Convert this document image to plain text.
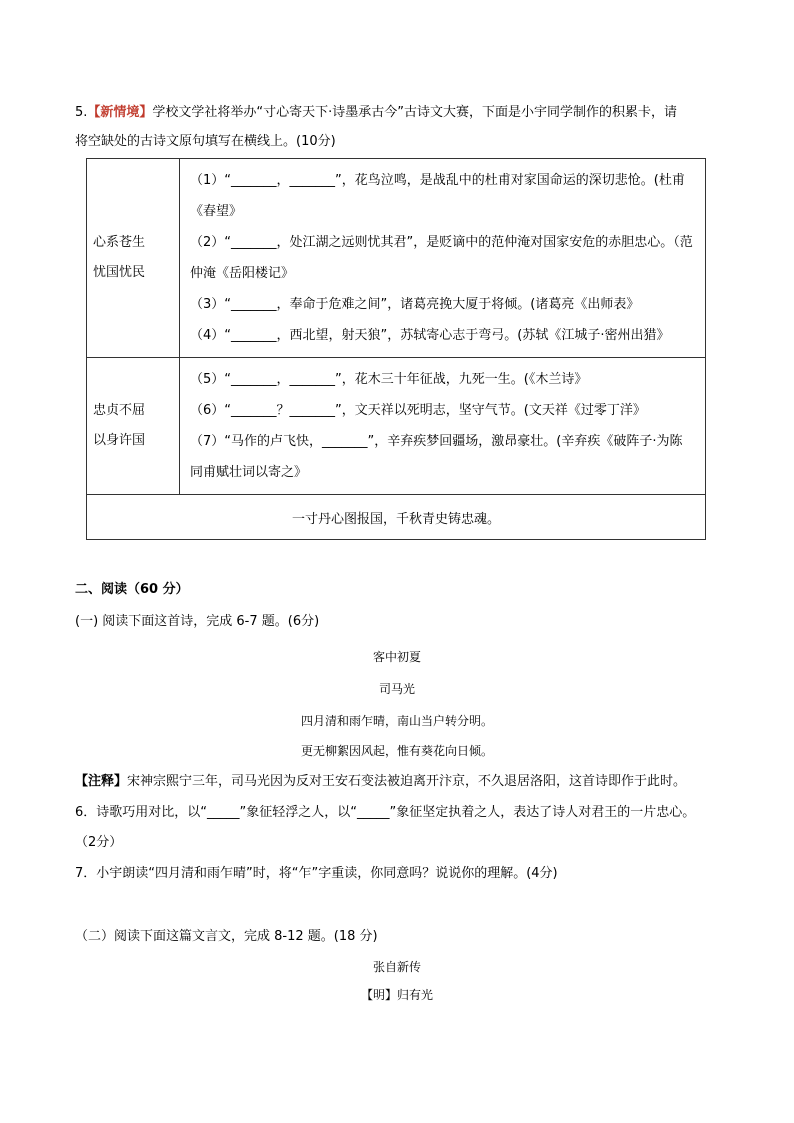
5.【新情境】学校文学社将举办“寸心寄天下·诗墨承古今”古诗文大赛，下面是小宇同学制作的积累卡，请
将空缺处的古诗文原句填写在横线上。(10分)
心系苍生
忧国忧民	（1）“_______，_______”，花鸟泣鸣，是战乱中的杜甫对家国命运的深切悲怆。(杜甫《春望》
（2）“_______，处江湖之远则忧其君”，是贬谪中的范仲淹对国家安危的赤胆忠心。（范仲淹《岳阳楼记》
（3）“_______，奉命于危难之间”，诸葛亮挽大厦于将倾。(诸葛亮《出师表》
（4）“_______，西北望，射天狼”，苏轼寄心志于弯弓。(苏轼《江城子·密州出猎》

忠贞不屈
以身许国	（5）“_______，_______”，花木三十年征战，九死一生。(《木兰诗》
（6）“_______？_______”，文天祥以死明志，坚守气节。(文天祥《过零丁洋》
（7）“马作的卢飞快，_______”，辛弃疾梦回疆场，激昂豪壮。(辛弃疾《破阵子·为陈同甫赋壮词以寄之》

一寸丹心图报国，千秋青史铸忠魂。	
二、阅读（60 分）
(一) 阅读下面这首诗，完成 6-7 题。(6分)
客中初夏
司马光
四月清和雨乍晴，南山当户转分明。
更无柳絮因风起，惟有葵花向日倾。
【注释】宋神宗熙宁三年，司马光因为反对王安石变法被迫离开汴京，不久退居洛阳，这首诗即作于此时。
6．诗歌巧用对比，以“_____”象征轻浮之人，以“_____”象征坚定执着之人，表达了诗人对君王的一片忠心。
（2分）
7．小宇朗读“四月清和雨乍晴”时，将“乍”字重读，你同意吗？说说你的理解。(4分)
（二）阅读下面这篇文言文，完成 8-12 题。(18 分)
张自新传
【明】归有光
